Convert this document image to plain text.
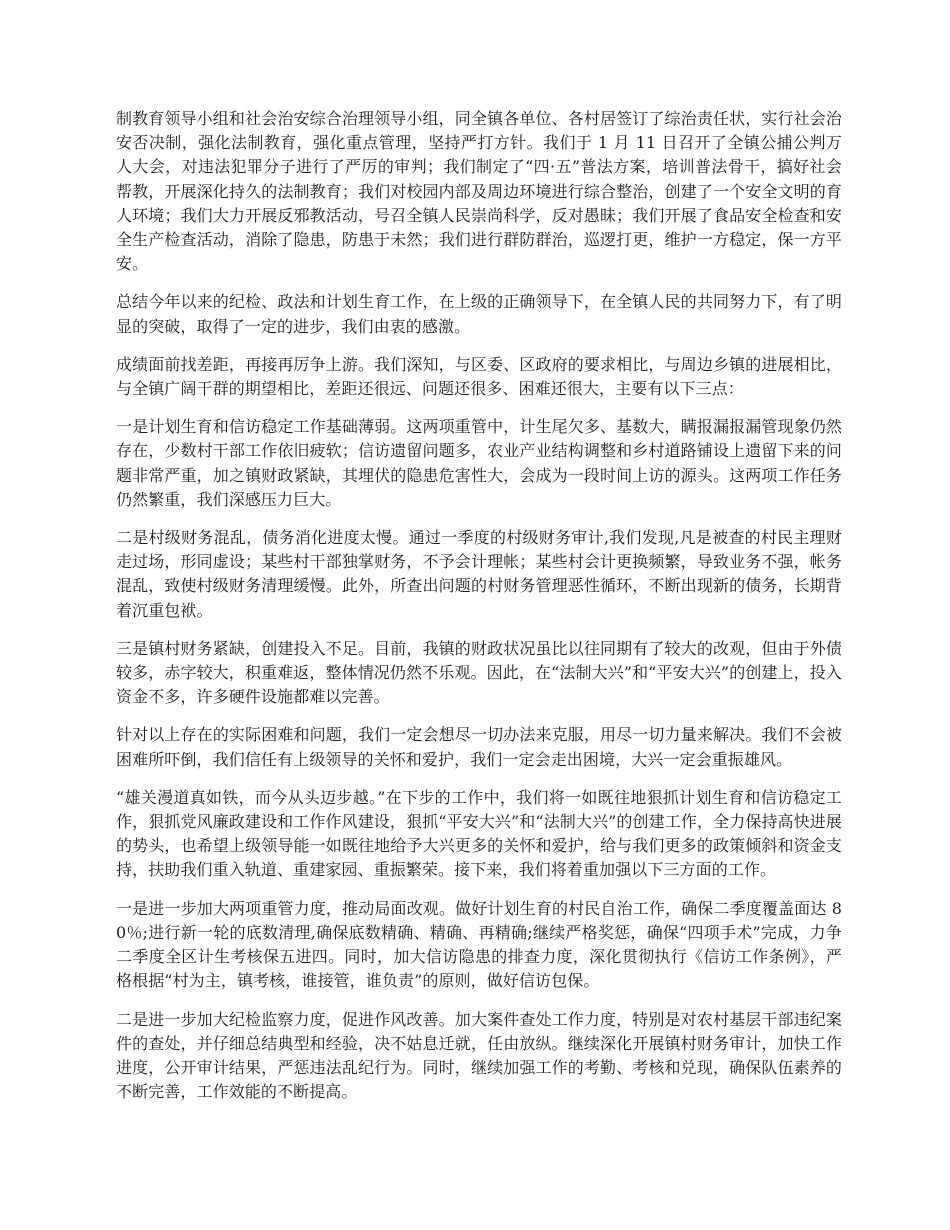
制教育领导小组和社会治安综合治理领导小组，同全镇各单位、各村居签订了综治责任状，实行社会治安否决制，强化法制教育，强化重点管理，坚持严打方针。我们于 1 月 11 日召开了全镇公捕公判万人大会，对违法犯罪分子进行了严厉的审判；我们制定了“四·五”普法方案，培训普法骨干，搞好社会帮教，开展深化持久的法制教育；我们对校园内部及周边环境进行综合整治，创建了一个安全文明的育人环境；我们大力开展反邪教活动，号召全镇人民崇尚科学，反对愚昧；我们开展了食品安全检查和安全生产检查活动，消除了隐患，防患于未然；我们进行群防群治，巡逻打更，维护一方稳定，保一方平安。

总结今年以来的纪检、政法和计划生育工作，在上级的正确领导下，在全镇人民的共同努力下，有了明显的突破，取得了一定的进步，我们由衷的感激。

成绩面前找差距，再接再厉争上游。我们深知，与区委、区政府的要求相比，与周边乡镇的进展相比，与全镇广阔干群的期望相比，差距还很远、问题还很多、困难还很大，主要有以下三点：

一是计划生育和信访稳定工作基础薄弱。这两项重管中，计生尾欠多、基数大，瞒报漏报漏管现象仍然存在，少数村干部工作依旧疲软；信访遗留问题多，农业产业结构调整和乡村道路铺设上遗留下来的问题非常严重，加之镇财政紧缺，其埋伏的隐患危害性大，会成为一段时间上访的源头。这两项工作任务仍然繁重，我们深感压力巨大。

二是村级财务混乱，债务消化进度太慢。通过一季度的村级财务审计,我们发现,凡是被查的村民主理财走过场，形同虚设；某些村干部独掌财务，不予会计理帐；某些村会计更换频繁，导致业务不强，帐务混乱，致使村级财务清理缓慢。此外，所查出问题的村财务管理恶性循环，不断出现新的债务，长期背着沉重包袱。

三是镇村财务紧缺，创建投入不足。目前，我镇的财政状况虽比以往同期有了较大的改观，但由于外债较多，赤字较大，积重难返，整体情况仍然不乐观。因此，在“法制大兴”和“平安大兴”的创建上，投入资金不多，许多硬件设施都难以完善。

针对以上存在的实际困难和问题，我们一定会想尽一切办法来克服，用尽一切力量来解决。我们不会被困难所吓倒，我们信任有上级领导的关怀和爱护，我们一定会走出困境，大兴一定会重振雄风。

“雄关漫道真如铁，而今从头迈步越。”在下步的工作中，我们将一如既往地狠抓计划生育和信访稳定工作，狠抓党风廉政建设和工作作风建设，狠抓“平安大兴”和“法制大兴”的创建工作，全力保持高快进展的势头，也希望上级领导能一如既往地给予大兴更多的关怀和爱护，给与我们更多的政策倾斜和资金支持，扶助我们重入轨道、重建家园、重振繁荣。接下来，我们将着重加强以下三方面的工作。

一是进一步加大两项重管力度，推动局面改观。做好计划生育的村民自治工作，确保二季度覆盖面达 80％;进行新一轮的底数清理,确保底数精确、精确、再精确;继续严格奖惩，确保“四项手术”完成，力争二季度全区计生考核保五进四。同时，加大信访隐患的排查力度，深化贯彻执行《信访工作条例》，严格根据“村为主，镇考核，谁接管，谁负责”的原则，做好信访包保。

二是进一步加大纪检监察力度，促进作风改善。加大案件查处工作力度，特别是对农村基层干部违纪案件的查处，并仔细总结典型和经验，决不姑息迁就，任由放纵。继续深化开展镇村财务审计，加快工作进度，公开审计结果，严惩违法乱纪行为。同时，继续加强工作的考勤、考核和兑现，确保队伍素养的不断完善，工作效能的不断提高。
